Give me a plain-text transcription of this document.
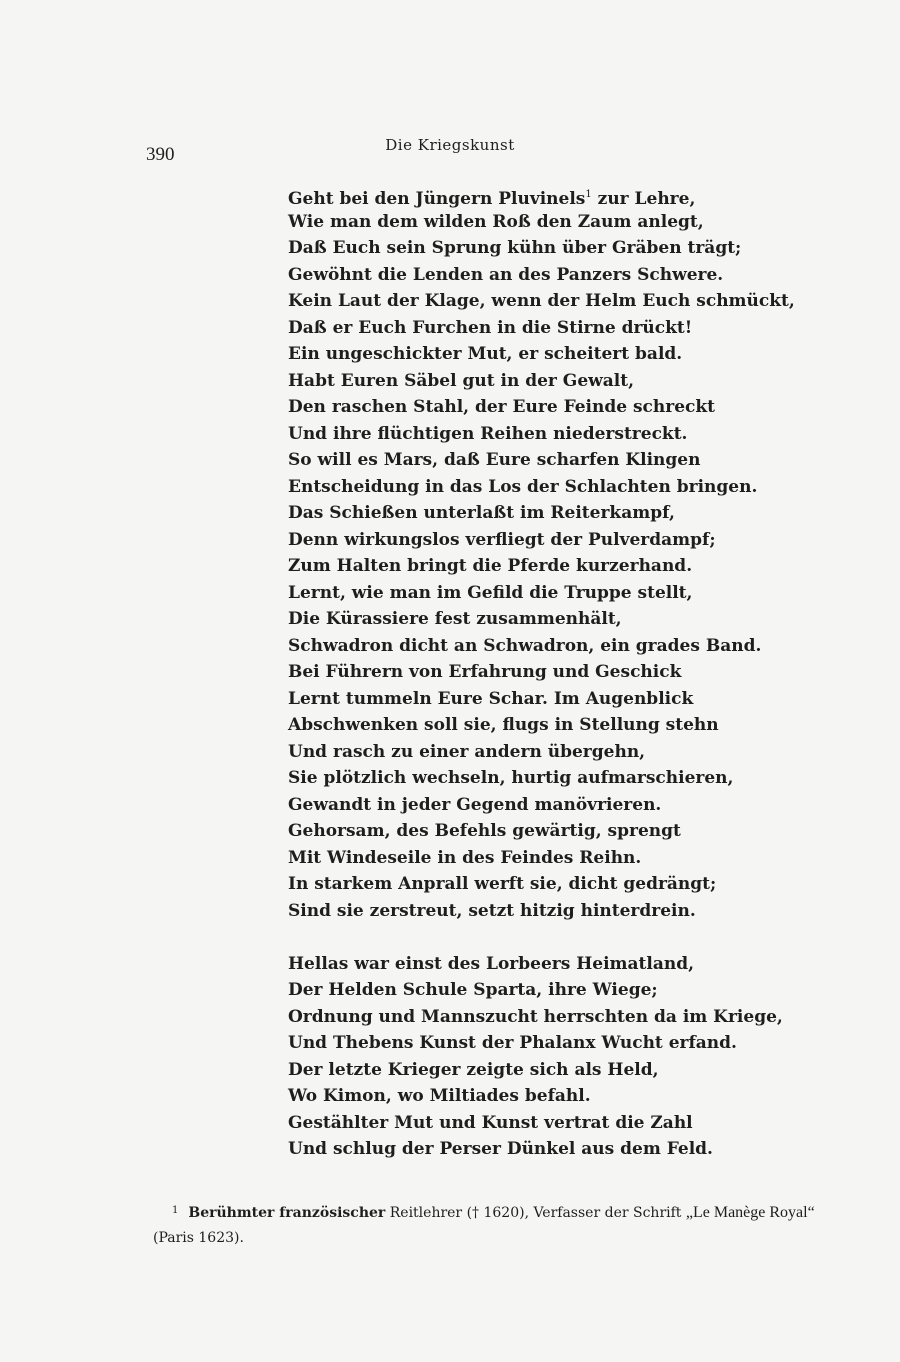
390	Die Kriegskunst
Geht bei den Jüngern Pluvinels$^1$ zur Lehre,
Wie man dem wilden Roß den Zaum anlegt,
Daß Euch sein Sprung kühn über Gräben trägt;
Gewöhnt die Lenden an des Panzers Schwere.
Kein Laut der Klage, wenn der Helm Euch schmückt,
Daß er Euch Furchen in die Stirne drückt!
Ein ungeschickter Mut, er scheitert bald.
Habt Euren Säbel gut in der Gewalt,
Den raschen Stahl, der Eure Feinde schreckt
Und ihre flüchtigen Reihen niederstreckt.
So will es Mars, daß Eure scharfen Klingen
Entscheidung in das Los der Schlachten bringen.
Das Schießen unterlaßt im Reiterkampf,
Denn wirkungslos verfliegt der Pulverdampf;
Zum Halten bringt die Pferde kurzerhand.
Lernt, wie man im Gefild die Truppe stellt,
Die Kürassiere fest zusammenhält,
Schwadron dicht an Schwadron, ein grades Band.
Bei Führern von Erfahrung und Geschick
Lernt tummeln Eure Schar. Im Augenblick
Abschwenken soll sie, flugs in Stellung stehn
Und rasch zu einer andern übergehn,
Sie plötzlich wechseln, hurtig aufmarschieren,
Gewandt in jeder Gegend manövrieren.
Gehorsam, des Befehls gewärtig, sprengt
Mit Windeseile in des Feindes Reihn.
In starkem Anprall werft sie, dicht gedrängt;
Sind sie zerstreut, setzt hitzig hinterdrein.
Hellas war einst des Lorbeers Heimatland,
Der Helden Schule Sparta, ihre Wiege;
Ordnung und Mannszucht herrschten da im Kriege,
Und Thebens Kunst der Phalanx Wucht erfand.
Der letzte Krieger zeigte sich als Held,
Wo Kimon, wo Miltiades befahl.
Gestählter Mut und Kunst vertrat die Zahl
Und schlug der Perser Dünkel aus dem Feld.
$^1$ Berühmter französischer Reitlehrer († 1620), Verfasser der Schrift „Le Manège Royal“
(Paris 1623).
